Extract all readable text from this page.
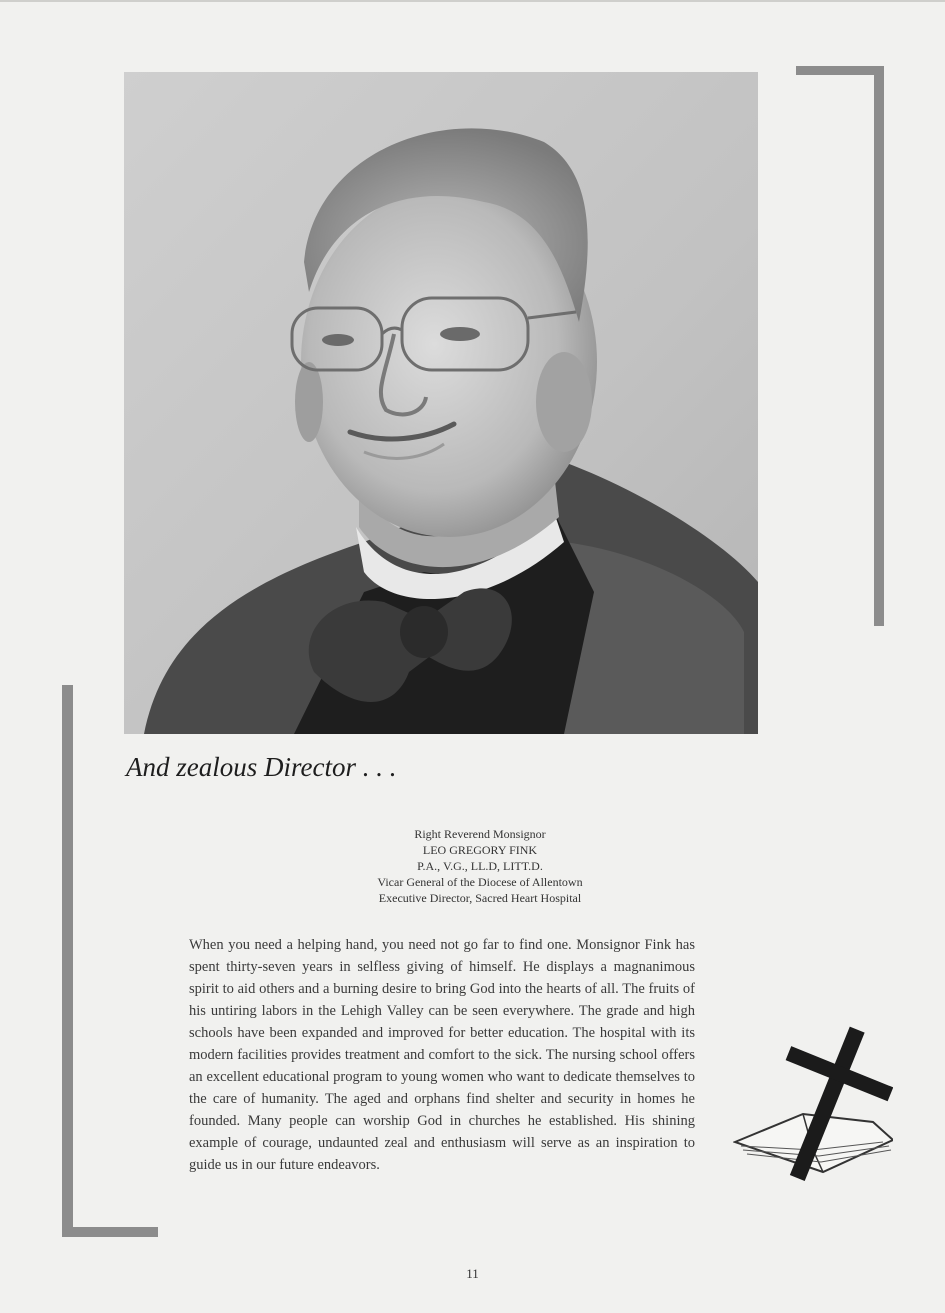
And zealous Director . . .
Right Reverend Monsignor
LEO GREGORY FINK
P.A., V.G., LL.D, LITT.D.
Vicar General of the Diocese of Allentown
Executive Director, Sacred Heart Hospital
When you need a helping hand, you need not go far to find one. Monsignor Fink has spent thirty-seven years in selfless giving of himself. He displays a magnanimous spirit to aid others and a burning desire to bring God into the hearts of all. The fruits of his untiring labors in the Lehigh Valley can be seen everywhere. The grade and high schools have been expanded and improved for better education. The hospital with its modern facilities provides treatment and comfort to the sick. The nursing school offers an excellent educational program to young women who want to dedicate themselves to the care of humanity. The aged and orphans find shelter and security in homes he founded. Many people can worship God in churches he established. His shining example of courage, undaunted zeal and enthusiasm will serve as an inspiration to guide us in our future endeavors.
11
